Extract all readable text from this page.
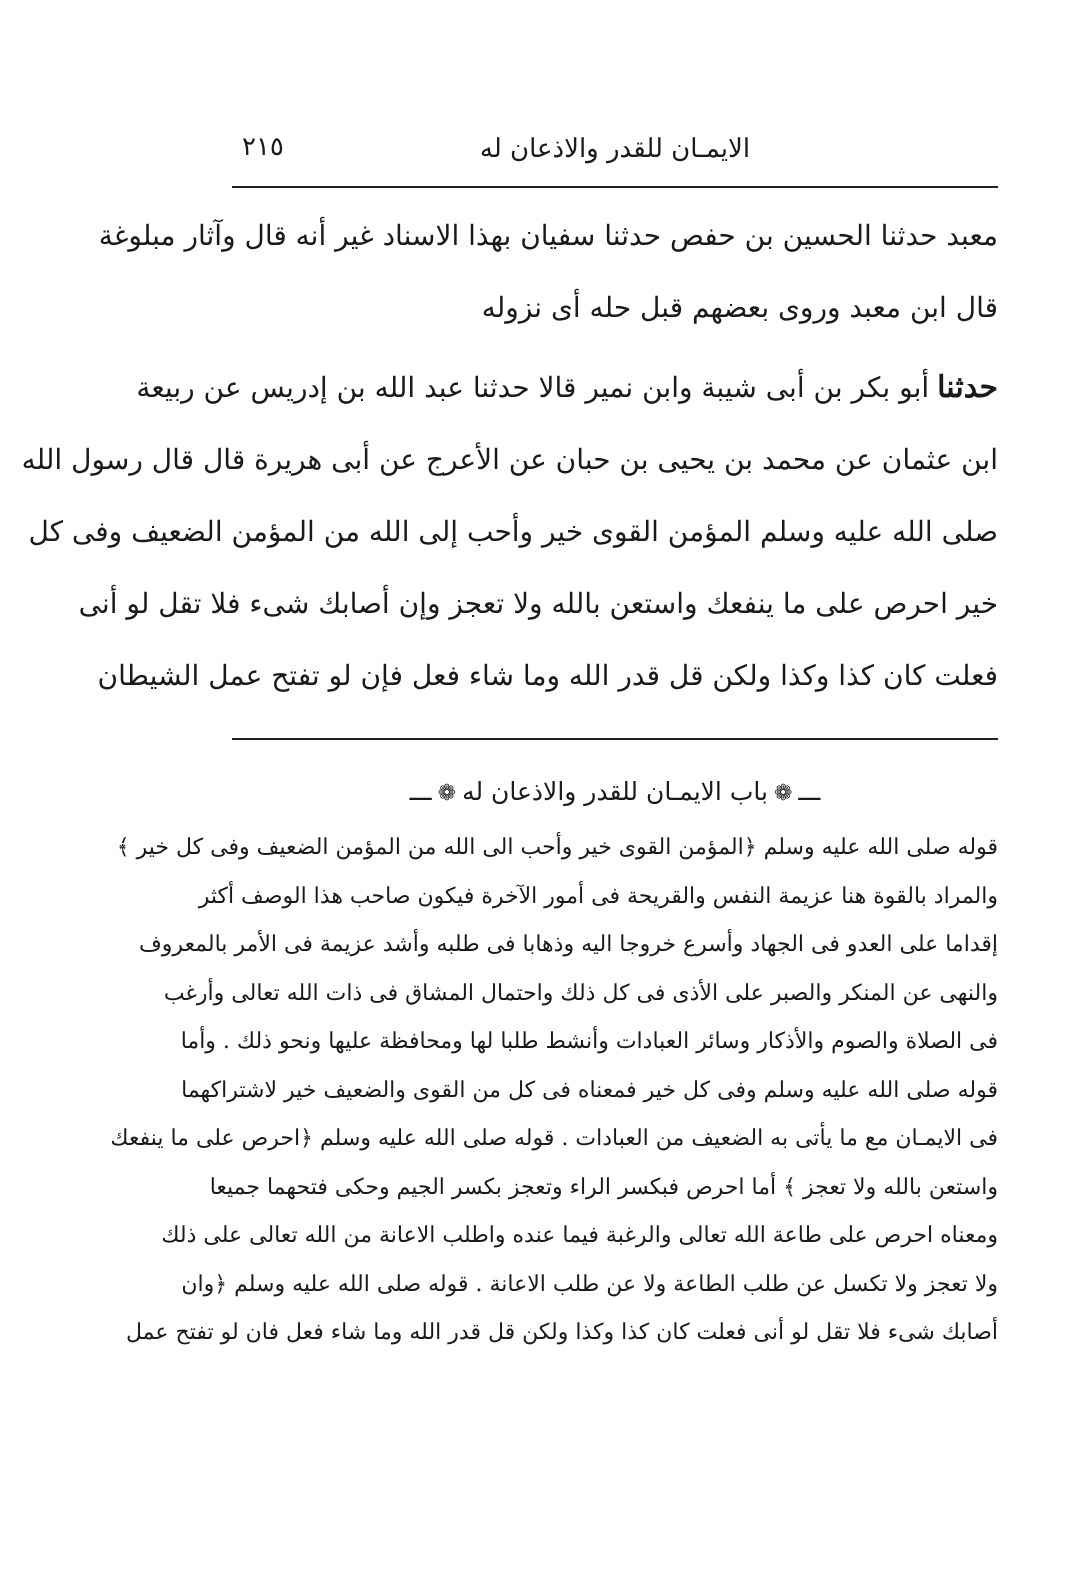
الايمـان للقدر والاذعان له
٢١٥
معبد حدثنا الحسين بن حفص حدثنا سفيان بهذا الاسناد غير أنه قال وآثار مبلوغة
قال ابن معبد وروى بعضهم قبل حله أى نزوله
حدثناأبو بكر بن أبى شيبة وابن نمير قالا حدثنا عبد الله بن إدريس عن ربيعة
ابن عثمان عن محمد بن يحيى بن حبان عن الأعرج عن أبى هريرة قال قال رسول الله
صلى الله عليه وسلم المؤمن القوى خير وأحب إلى الله من المؤمن الضعيف وفى كل
خير احرص على ما ينفعك واستعن بالله ولا تعجز وإن أصابك شىء فلا تقل لو أنى
فعلت كان كذا وكذا ولكن قل قدر الله وما شاء فعل فإن لو تفتح عمل الشيطان
ـــ❁باب الايمـان للقدر والاذعان له❁ـــ
قوله صلى الله عليه وسلم ﴿المؤمن القوى خير وأحب الى الله من المؤمن الضعيف وفى كل خير ﴾
والمراد بالقوة هنا عزيمة النفس والقريحة فى أمور الآخرة فيكون صاحب هذا الوصف أكثر
إقداما على العدو فى الجهاد وأسرع خروجا اليه وذهابا فى طلبه وأشد عزيمة فى الأمر بالمعروف
والنهى عن المنكر والصبر على الأذى فى كل ذلك واحتمال المشاق فى ذات الله تعالى وأرغب
فى الصلاة والصوم والأذكار وسائر العبادات وأنشط طلبا لها ومحافظة عليها ونحو ذلك . وأما
قوله صلى الله عليه وسلم وفى كل خير فمعناه فى كل من القوى والضعيف خير لاشتراكهما
فى الايمـان مع ما يأتى به الضعيف من العبادات . قوله صلى الله عليه وسلم ﴿احرص على ما ينفعك
واستعن بالله ولا تعجز ﴾ أما احرص فبكسر الراء وتعجز بكسر الجيم وحكى فتحهما جميعا
ومعناه احرص على طاعة الله تعالى والرغبة فيما عنده واطلب الاعانة من الله تعالى على ذلك
ولا تعجز ولا تكسل عن طلب الطاعة ولا عن طلب الاعانة . قوله صلى الله عليه وسلم ﴿وان
أصابك شىء فلا تقل لو أنى فعلت كان كذا وكذا ولكن قل قدر الله وما شاء فعل فان لو تفتح عمل
